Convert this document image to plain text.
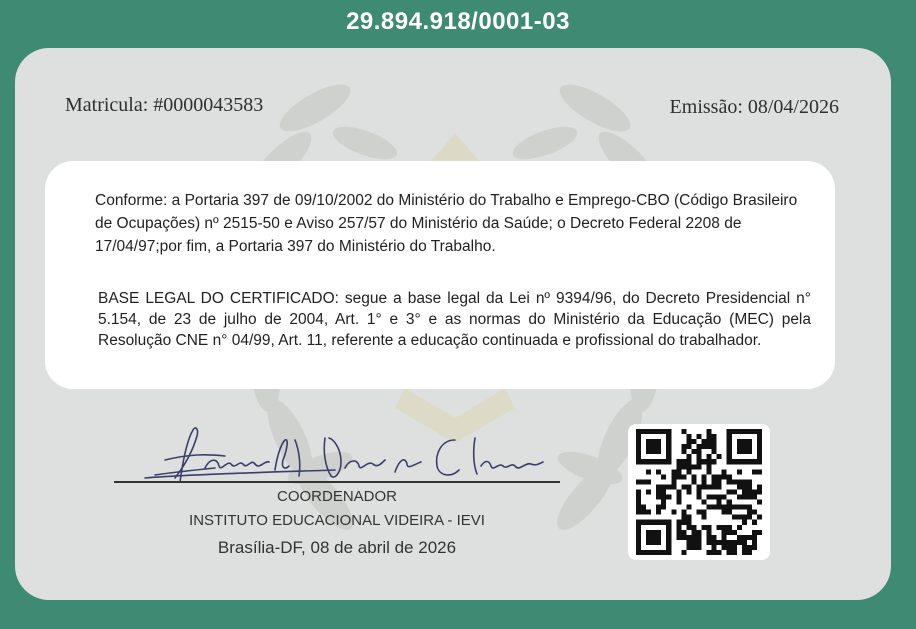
29.894.918/0001-03
Matricula: #0000043583	Emissão: 08/04/2026
Conforme: a Portaria 397 de 09/10/2002 do Ministério do Trabalho e Emprego-CBO (Código Brasileiro de Ocupações) nº 2515-50 e Aviso 257/57 do Ministério da Saúde; o Decreto Federal 2208 de 17/04/97;por fim, a Portaria 397 do Ministério do Trabalho.
BASE LEGAL DO CERTIFICADO: segue a base legal da Lei nº 9394/96, do Decreto Presidencial n° 5.154, de 23 de julho de 2004, Art. 1° e 3° e as normas do Ministério da Educação (MEC) pela Resolução CNE n° 04/99, Art. 11, referente a educação continuada e profissional do trabalhador.
COORDENADOR
INSTITUTO EDUCACIONAL VIDEIRA - IEVI
Brasília-DF, 08 de abril de 2026
